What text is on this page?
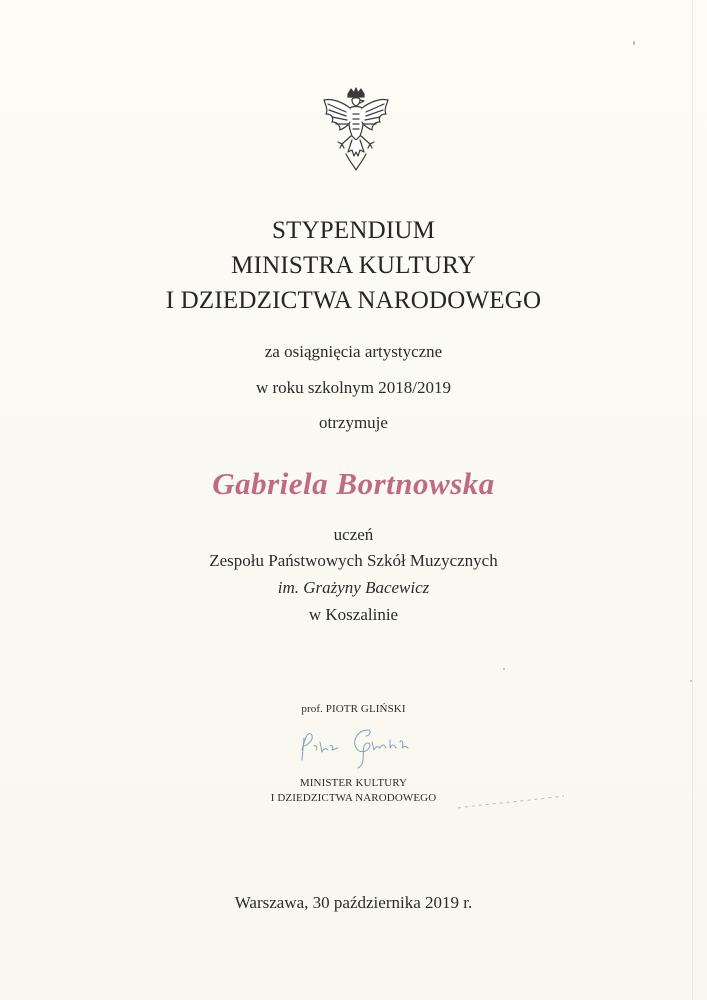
STYPENDIUM
MINISTRA KULTURY
I DZIEDZICTWA NARODOWEGO
za osiągnięcia artystyczne
w roku szkolnym 2018/2019
otrzymuje
Gabriela Bortnowska
uczeń
Zespołu Państwowych Szkół Muzycznych
im. Grażyny Bacewicz
w Koszalinie
prof. PIOTR GLIŃSKI
MINISTER KULTURY
I DZIEDZICTWA NARODOWEGO
Warszawa, 30 października 2019 r.
